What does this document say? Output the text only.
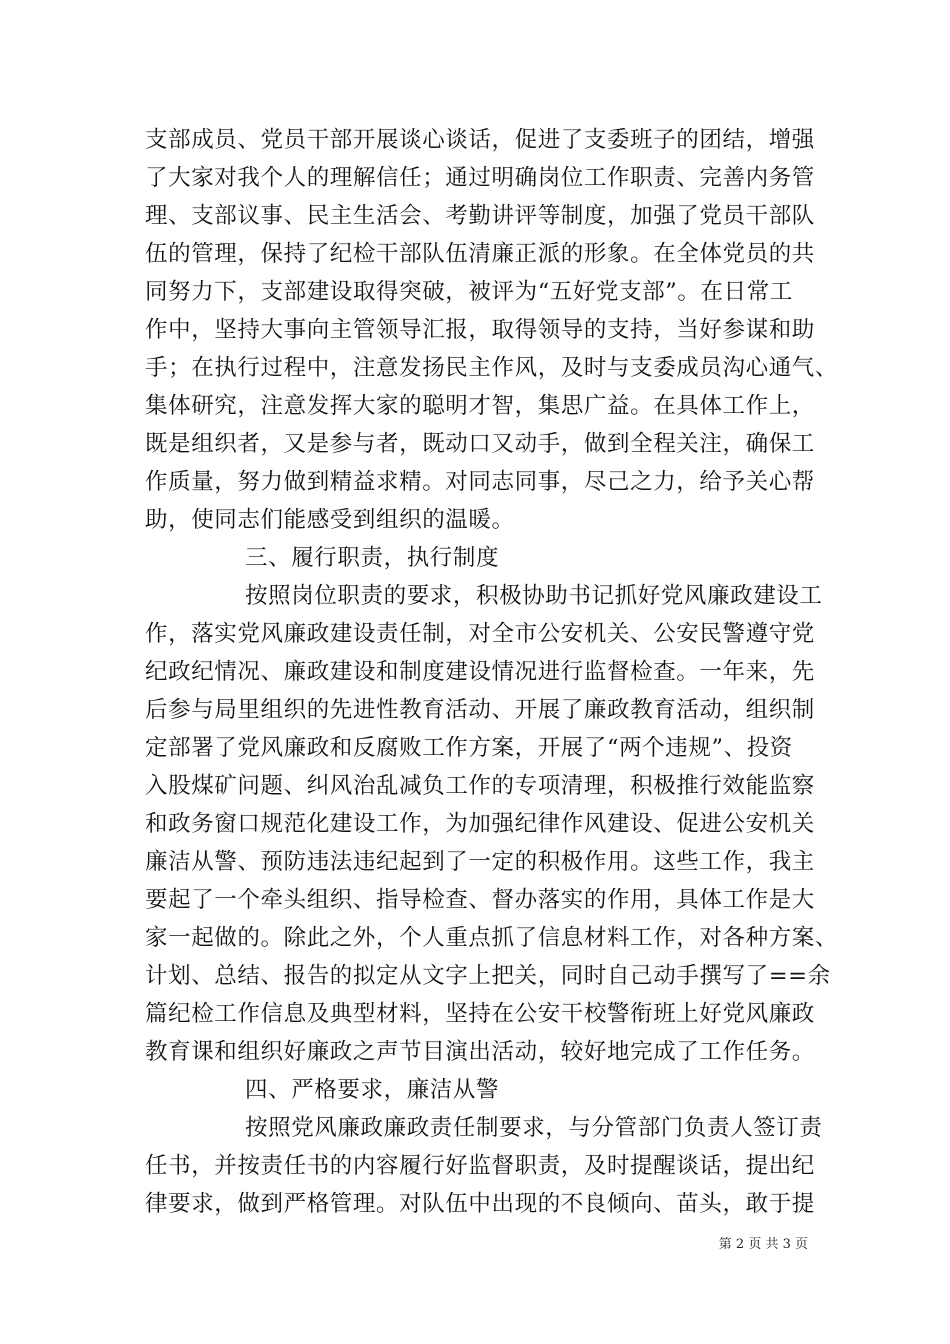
支部成员、党员干部开展谈心谈话，促进了支委班子的团结，增强
了大家对我个人的理解信任；通过明确岗位工作职责、完善内务管
理、支部议事、民主生活会、考勤讲评等制度，加强了党员干部队
伍的管理，保持了纪检干部队伍清廉正派的形象。在全体党员的共
同努力下，支部建设取得突破，被评为“五好党支部”。在日常工
作中，坚持大事向主管领导汇报，取得领导的支持，当好参谋和助
手；在执行过程中，注意发扬民主作风，及时与支委成员沟心通气、
集体研究，注意发挥大家的聪明才智，集思广益。在具体工作上，
既是组织者，又是参与者，既动口又动手，做到全程关注，确保工
作质量，努力做到精益求精。对同志同事，尽己之力，给予关心帮
助，使同志们能感受到组织的温暖。
三、履行职责，执行制度
按照岗位职责的要求，积极协助书记抓好党风廉政建设工
作，落实党风廉政建设责任制，对全市公安机关、公安民警遵守党
纪政纪情况、廉政建设和制度建设情况进行监督检查。一年来，先
后参与局里组织的先进性教育活动、开展了廉政教育活动，组织制
定部署了党风廉政和反腐败工作方案，开展了“两个违规”、投资
入股煤矿问题、纠风治乱减负工作的专项清理，积极推行效能监察
和政务窗口规范化建设工作，为加强纪律作风建设、促进公安机关
廉洁从警、预防违法违纪起到了一定的积极作用。这些工作，我主
要起了一个牵头组织、指导检查、督办落实的作用，具体工作是大
家一起做的。除此之外，个人重点抓了信息材料工作，对各种方案、
计划、总结、报告的拟定从文字上把关，同时自己动手撰写了==余
篇纪检工作信息及典型材料，坚持在公安干校警衔班上好党风廉政
教育课和组织好廉政之声节目演出活动，较好地完成了工作任务。
四、严格要求，廉洁从警
按照党风廉政廉政责任制要求，与分管部门负责人签订责
任书，并按责任书的内容履行好监督职责，及时提醒谈话，提出纪
律要求，做到严格管理。对队伍中出现的不良倾向、苗头，敢于提
第 2 页 共 3 页
